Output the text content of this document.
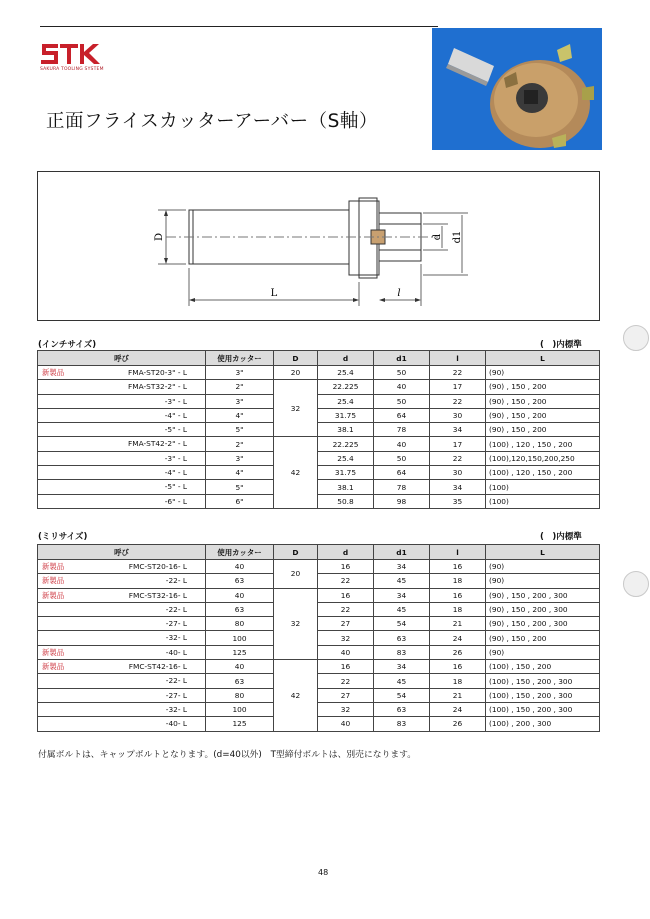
SAKURA TOOLING SYSTEM
正面フライスカッターアーバー（S軸）
D
L	l
d d1
(インチサイズ)	(　)内標準
呼び	使用カッター	D	d	d1	l	L

新製品 FMA-ST20-3" - L	3"	20	25.4	50	22	(90)

FMA-ST32-2" - L	2"	32	22.225	40	17	(90) , 150 , 200

-3" - L	3"		25.4	50	22	(90) , 150 , 200

-4" - L	4"		31.75	64	30	(90) , 150 , 200

-5" - L	5"		38.1	78	34	(90) , 150 , 200

FMA-ST42-2" - L	2"	42	22.225	40	17	(100) , 120 , 150 , 200

-3" - L	3"		25.4	50	22	(100),120,150,200,250

-4" - L	4"		31.75	64	30	(100) , 120 , 150 , 200

-5" - L	5"		38.1	78	34	(100)

-6" - L	6"		50.8	98	35	(100)
(ミリサイズ)	(　)内標準
呼び	使用カッター	D	d	d1	l	L

新製品 FMC-ST20-16- L	40	20	16	34	16	(90)

新製品 -22- L	63		22	45	18	(90)

新製品 FMC-ST32-16- L	40	32	16	34	16	(90) , 150 , 200 , 300

-22- L	63		22	45	18	(90) , 150 , 200 , 300

-27- L	80		27	54	21	(90) , 150 , 200 , 300

-32- L	100		32	63	24	(90) , 150 , 200

新製品 -40- L	125		40	83	26	(90)

新製品 FMC-ST42-16- L	40	42	16	34	16	(100) , 150 , 200

-22- L	63		22	45	18	(100) , 150 , 200 , 300

-27- L	80		27	54	21	(100) , 150 , 200 , 300

-32- L	100		32	63	24	(100) , 150 , 200 , 300

-40- L	125		40	83	26	(100) , 200 , 300
付属ボルトは、キャップボルトとなります。(d=40以外)　T型締付ボルトは、別売になります。
48
